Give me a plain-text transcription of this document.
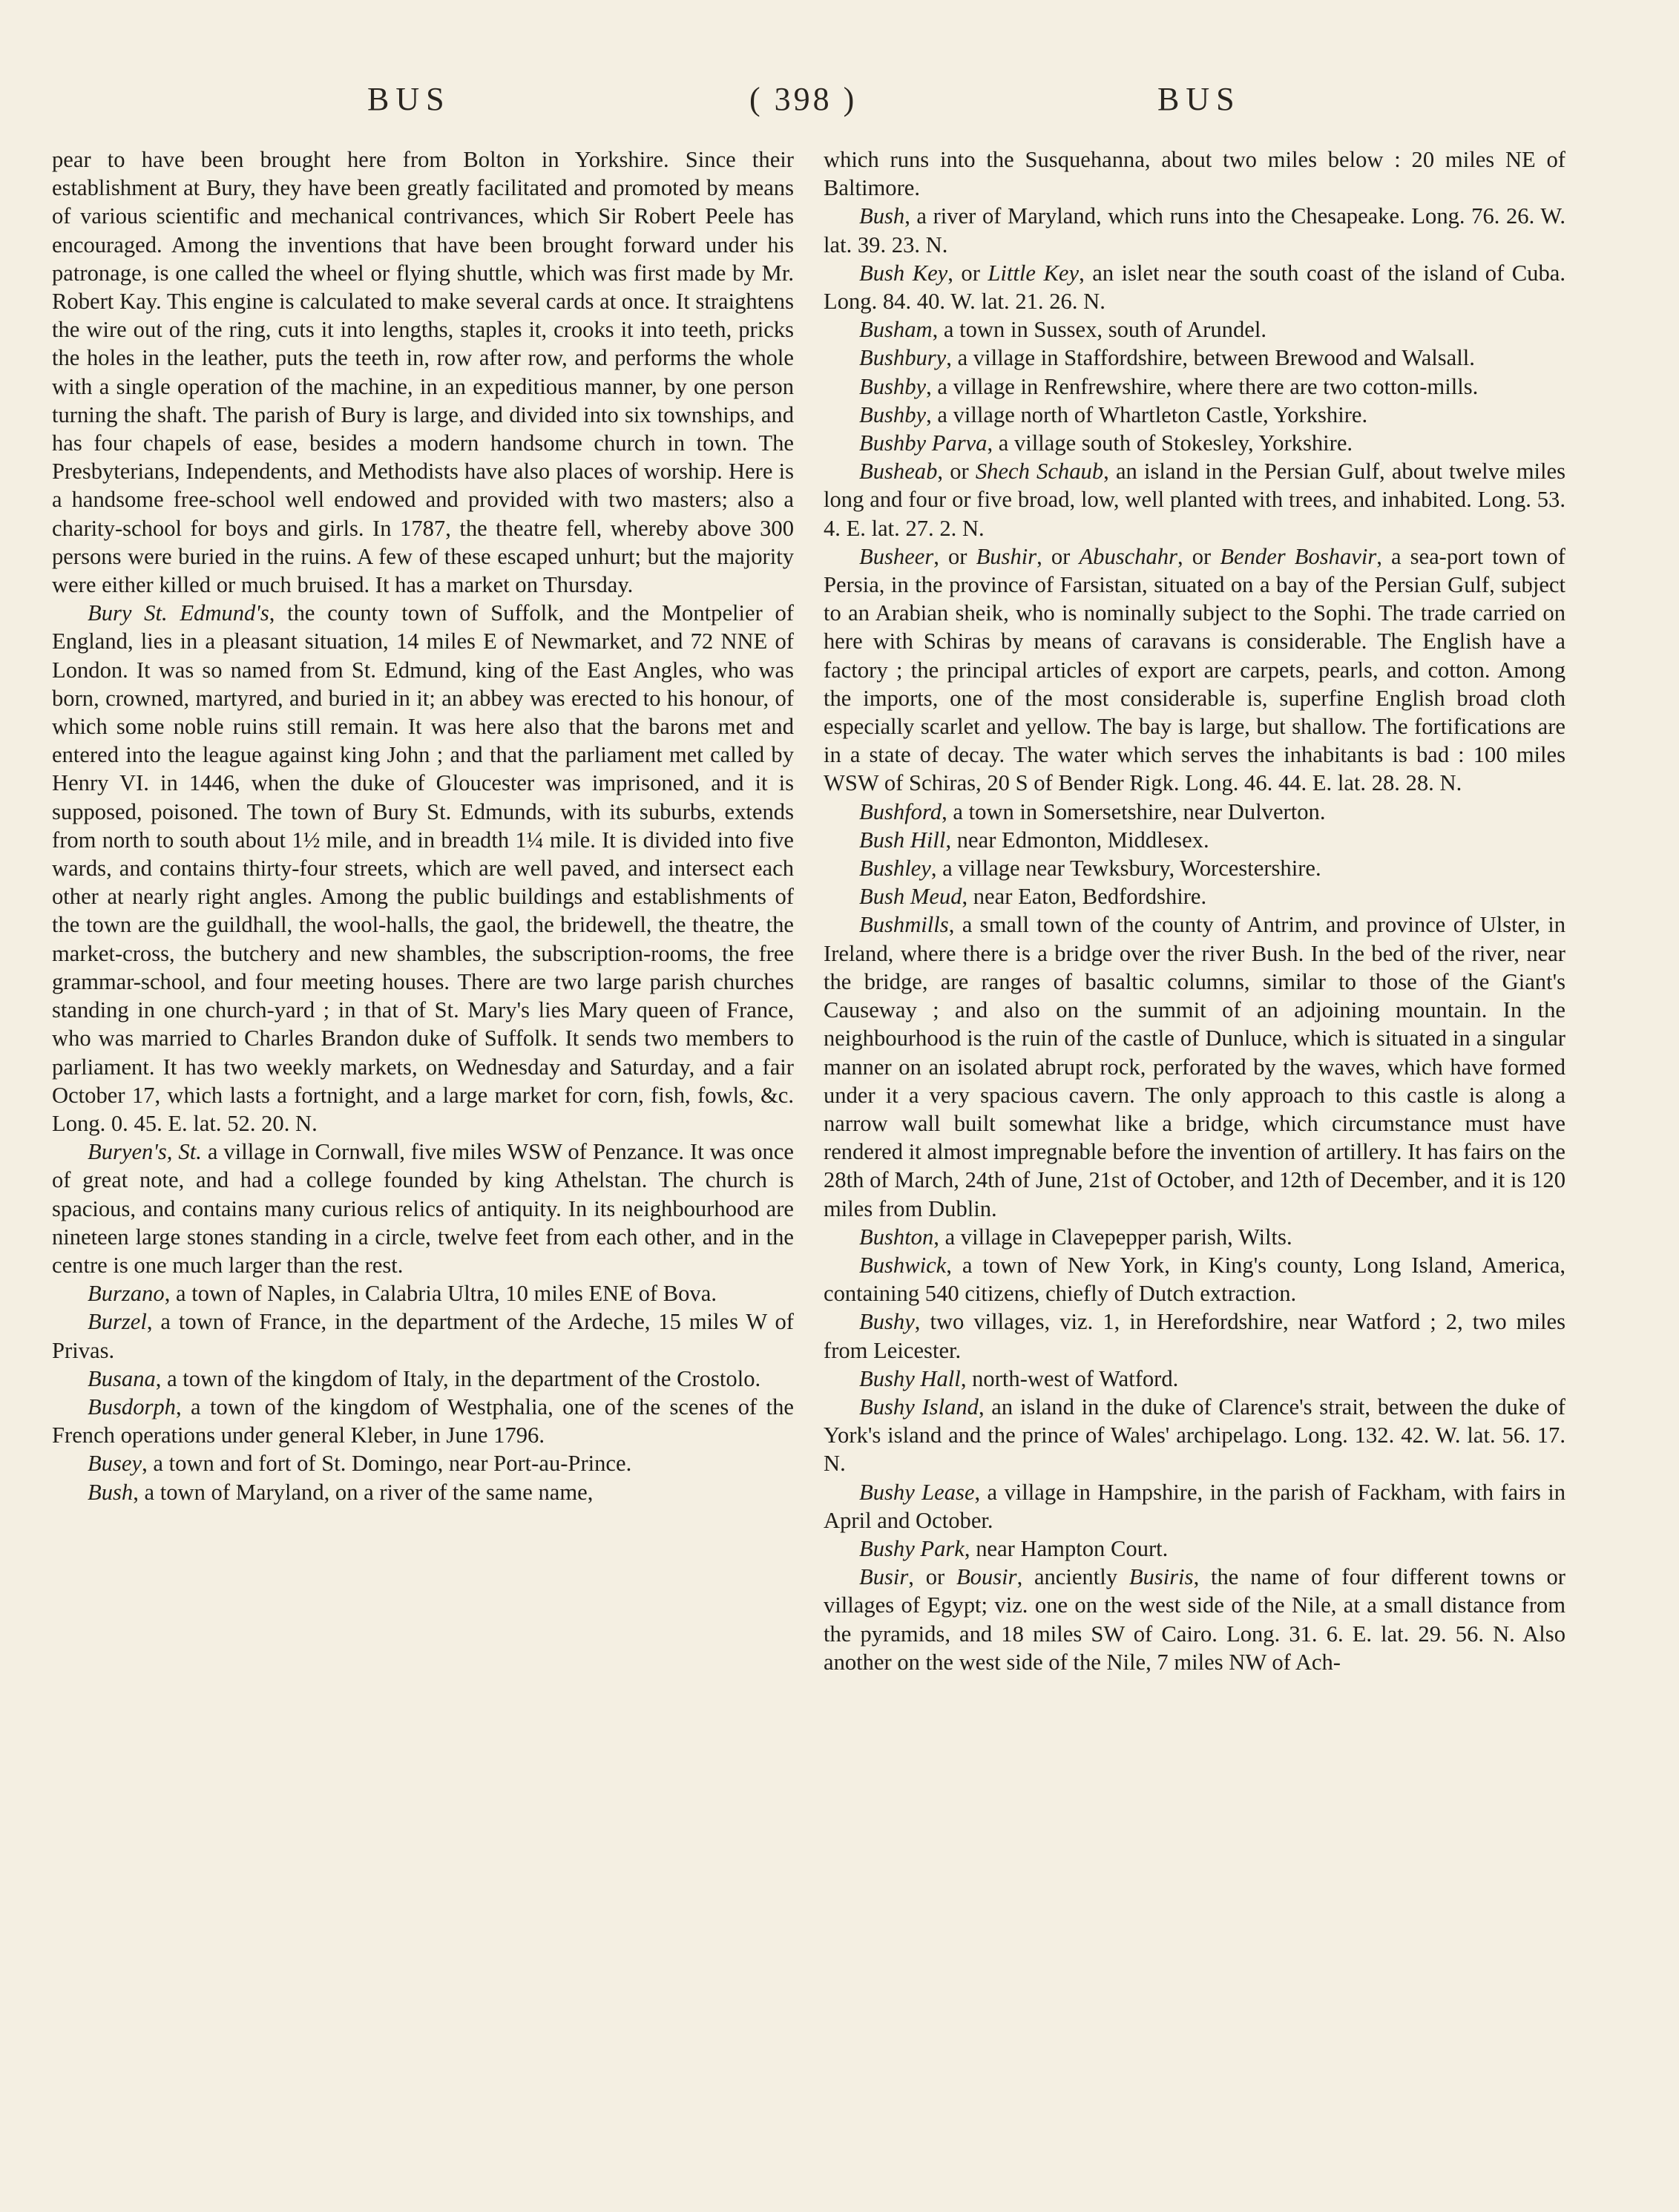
BUS	( 398 )	BUS

pear to have been brought here from Bolton in Yorkshire. Since their establishment at Bury, they have been greatly facilitated and promoted by means of various scientific and mechanical contrivances, which Sir Robert Peele has encouraged. Among the inventions that have been brought forward under his patronage, is one called the wheel or flying shuttle, which was first made by Mr. Robert Kay. This engine is calculated to make several cards at once. It straightens the wire out of the ring, cuts it into lengths, staples it, crooks it into teeth, pricks the holes in the leather, puts the teeth in, row after row, and performs the whole with a single operation of the machine, in an expeditious manner, by one person turning the shaft. The parish of Bury is large, and divided into six townships, and has four chapels of ease, besides a modern handsome church in town. The Presbyterians, Independents, and Methodists have also places of worship. Here is a handsome free-school well endowed and provided with two masters; also a charity-school for boys and girls. In 1787, the theatre fell, whereby above 300 persons were buried in the ruins. A few of these escaped unhurt; but the majority were either killed or much bruised. It has a market on Thursday.

Bury St. Edmund's, the county town of Suffolk, and the Montpelier of England, lies in a pleasant situation, 14 miles E of Newmarket, and 72 NNE of London. It was so named from St. Edmund, king of the East Angles, who was born, crowned, martyred, and buried in it; an abbey was erected to his honour, of which some noble ruins still remain. It was here also that the barons met and entered into the league against king John ; and that the parliament met called by Henry VI. in 1446, when the duke of Gloucester was imprisoned, and it is supposed, poisoned. The town of Bury St. Edmunds, with its suburbs, extends from north to south about 1½ mile, and in breadth 1¼ mile. It is divided into five wards, and contains thirty-four streets, which are well paved, and intersect each other at nearly right angles. Among the public buildings and establishments of the town are the guildhall, the wool-halls, the gaol, the bridewell, the theatre, the market-cross, the butchery and new shambles, the subscription-rooms, the free grammar-school, and four meeting houses. There are two large parish churches standing in one church-yard ; in that of St. Mary's lies Mary queen of France, who was married to Charles Brandon duke of Suffolk. It sends two members to parliament. It has two weekly markets, on Wednesday and Saturday, and a fair October 17, which lasts a fortnight, and a large market for corn, fish, fowls, &c. Long. 0. 45. E. lat. 52. 20. N.

Buryen's, St. a village in Cornwall, five miles WSW of Penzance. It was once of great note, and had a college founded by king Athelstan. The church is spacious, and contains many curious relics of antiquity. In its neighbourhood are nineteen large stones standing in a circle, twelve feet from each other, and in the centre is one much larger than the rest.

Burzano, a town of Naples, in Calabria Ultra, 10 miles ENE of Bova.

Burzel, a town of France, in the department of the Ardeche, 15 miles W of Privas.

Busana, a town of the kingdom of Italy, in the department of the Crostolo.

Busdorph, a town of the kingdom of Westphalia, one of the scenes of the French operations under general Kleber, in June 1796.

Busey, a town and fort of St. Domingo, near Port-au-Prince.

Bush, a town of Maryland, on a river of the same name,

which runs into the Susquehanna, about two miles below : 20 miles NE of Baltimore.

Bush, a river of Maryland, which runs into the Chesapeake. Long. 76. 26. W. lat. 39. 23. N.

Bush Key, or Little Key, an islet near the south coast of the island of Cuba. Long. 84. 40. W. lat. 21. 26. N.

Busham, a town in Sussex, south of Arundel.

Bushbury, a village in Staffordshire, between Brewood and Walsall.

Bushby, a village in Renfrewshire, where there are two cotton-mills.

Bushby, a village north of Whartleton Castle, Yorkshire.

Bushby Parva, a village south of Stokesley, Yorkshire.

Busheab, or Shech Schaub, an island in the Persian Gulf, about twelve miles long and four or five broad, low, well planted with trees, and inhabited. Long. 53. 4. E. lat. 27. 2. N.

Busheer, or Bushir, or Abuschahr, or Bender Boshavir, a sea-port town of Persia, in the province of Farsistan, situated on a bay of the Persian Gulf, subject to an Arabian sheik, who is nominally subject to the Sophi. The trade carried on here with Schiras by means of caravans is considerable. The English have a factory ; the principal articles of export are carpets, pearls, and cotton. Among the imports, one of the most considerable is, superfine English broad cloth especially scarlet and yellow. The bay is large, but shallow. The fortifications are in a state of decay. The water which serves the inhabitants is bad : 100 miles WSW of Schiras, 20 S of Bender Rigk. Long. 46. 44. E. lat. 28. 28. N.

Bushford, a town in Somersetshire, near Dulverton.

Bush Hill, near Edmonton, Middlesex.

Bushley, a village near Tewksbury, Worcestershire.

Bush Meud, near Eaton, Bedfordshire.

Bushmills, a small town of the county of Antrim, and province of Ulster, in Ireland, where there is a bridge over the river Bush. In the bed of the river, near the bridge, are ranges of basaltic columns, similar to those of the Giant's Causeway ; and also on the summit of an adjoining mountain. In the neighbourhood is the ruin of the castle of Dunluce, which is situated in a singular manner on an isolated abrupt rock, perforated by the waves, which have formed under it a very spacious cavern. The only approach to this castle is along a narrow wall built somewhat like a bridge, which circumstance must have rendered it almost impregnable before the invention of artillery. It has fairs on the 28th of March, 24th of June, 21st of October, and 12th of December, and it is 120 miles from Dublin.

Bushton, a village in Clavepepper parish, Wilts.

Bushwick, a town of New York, in King's county, Long Island, America, containing 540 citizens, chiefly of Dutch extraction.

Bushy, two villages, viz. 1, in Herefordshire, near Watford ; 2, two miles from Leicester.

Bushy Hall, north-west of Watford.

Bushy Island, an island in the duke of Clarence's strait, between the duke of York's island and the prince of Wales' archipelago. Long. 132. 42. W. lat. 56. 17. N.

Bushy Lease, a village in Hampshire, in the parish of Fackham, with fairs in April and October.

Bushy Park, near Hampton Court.

Busir, or Bousir, anciently Busiris, the name of four different towns or villages of Egypt; viz. one on the west side of the Nile, at a small distance from the pyramids, and 18 miles SW of Cairo. Long. 31. 6. E. lat. 29. 56. N. Also another on the west side of the Nile, 7 miles NW of Ach-
